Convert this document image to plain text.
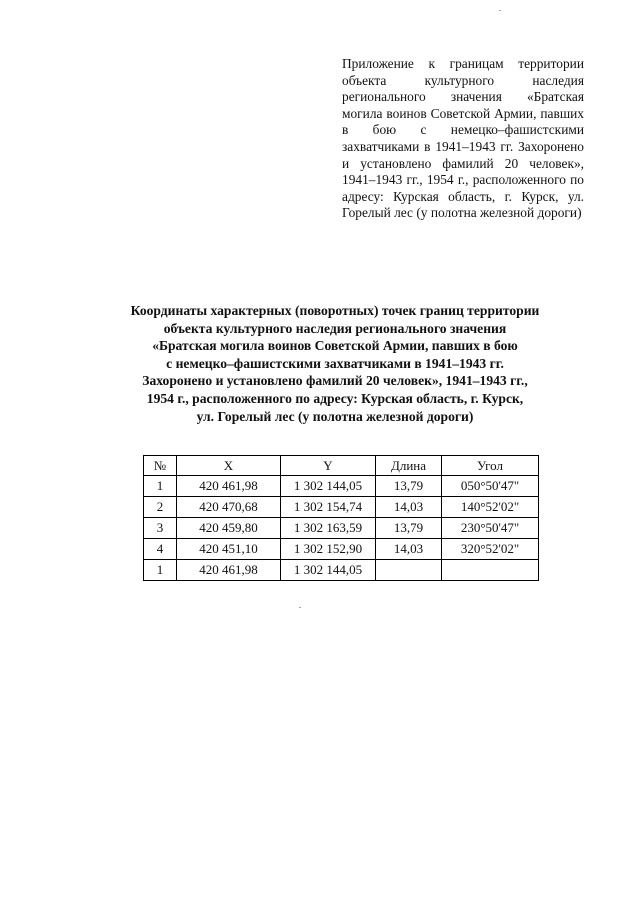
Приложение к границам территории объекта культурного наследия регионального значения «Братская могила воинов Советской Армии, павших в бою с немецко–фашистскими захватчиками в 1941–1943 гг. Захоронено и установлено фамилий 20 человек», 1941–1943 гг., 1954 г., расположенного по адресу: Курская область, г. Курск, ул. Горелый лес (у полотна железной дороги)
Координаты характерных (поворотных) точек границ территории
объекта культурного наследия регионального значения
«Братская могила воинов Советской Армии, павших в бою
с немецко–фашистскими захватчиками в 1941–1943 гг.
Захоронено и установлено фамилий 20 человек», 1941–1943 гг.,
1954 г., расположенного по адресу: Курская область, г. Курск,
ул. Горелый лес (у полотна железной дороги)
№	X	Y	Длина	Угол
1	420 461,98	1 302 144,05	13,79	050°50'47"
2	420 470,68	1 302 154,74	14,03	140°52'02"
3	420 459,80	1 302 163,59	13,79	230°50'47"
4	420 451,10	1 302 152,90	14,03	320°52'02"
1	420 461,98	1 302 144,05		
